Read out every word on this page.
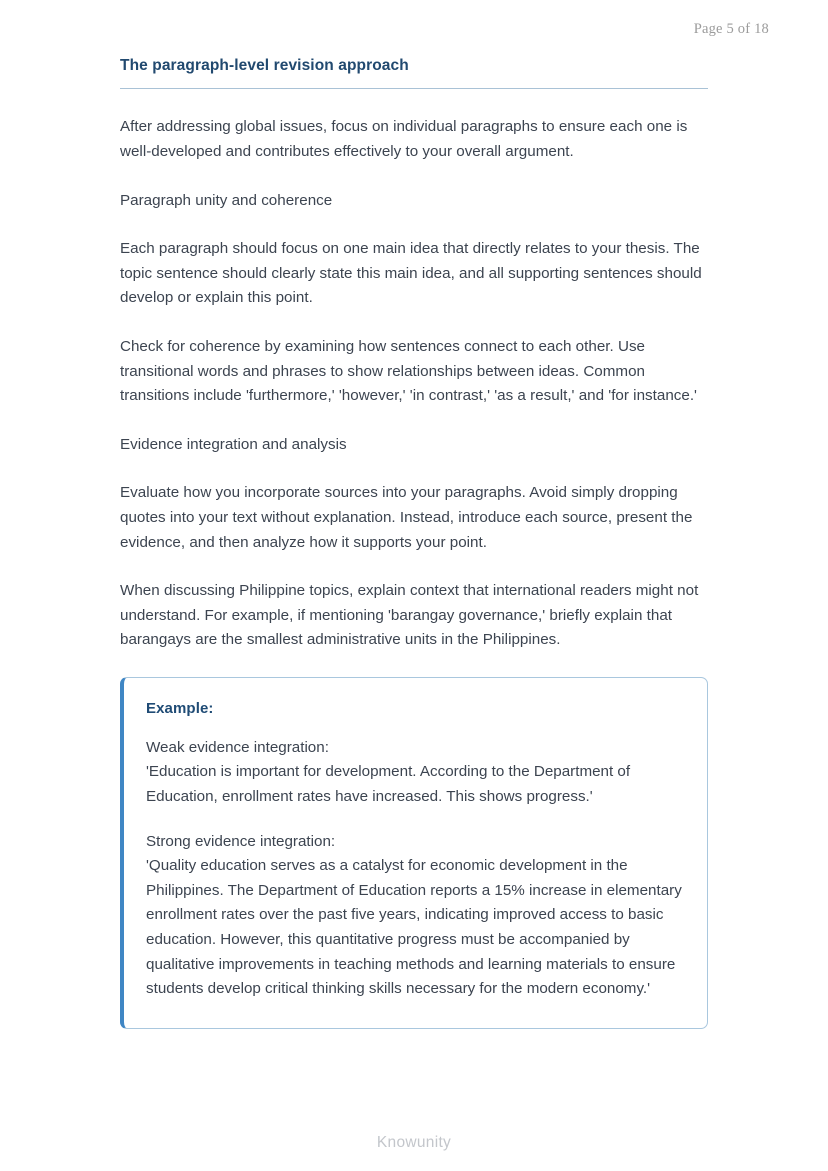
Page 5 of 18
The paragraph-level revision approach

After addressing global issues, focus on individual paragraphs to ensure each one is well-developed and contributes effectively to your overall argument.

Paragraph unity and coherence

Each paragraph should focus on one main idea that directly relates to your thesis. The topic sentence should clearly state this main idea, and all supporting sentences should develop or explain this point.

Check for coherence by examining how sentences connect to each other. Use transitional words and phrases to show relationships between ideas. Common transitions include 'furthermore,' 'however,' 'in contrast,' 'as a result,' and 'for instance.'

Evidence integration and analysis

Evaluate how you incorporate sources into your paragraphs. Avoid simply dropping quotes into your text without explanation. Instead, introduce each source, present the evidence, and then analyze how it supports your point.

When discussing Philippine topics, explain context that international readers might not understand. For example, if mentioning 'barangay governance,' briefly explain that barangays are the smallest administrative units in the Philippines.

Example:

Weak evidence integration:
'Education is important for development. According to the Department of Education, enrollment rates have increased. This shows progress.'

Strong evidence integration:
'Quality education serves as a catalyst for economic development in the Philippines. The Department of Education reports a 15% increase in elementary enrollment rates over the past five years, indicating improved access to basic education. However, this quantitative progress must be accompanied by qualitative improvements in teaching methods and learning materials to ensure students develop critical thinking skills necessary for the modern economy.'

Knowunity
